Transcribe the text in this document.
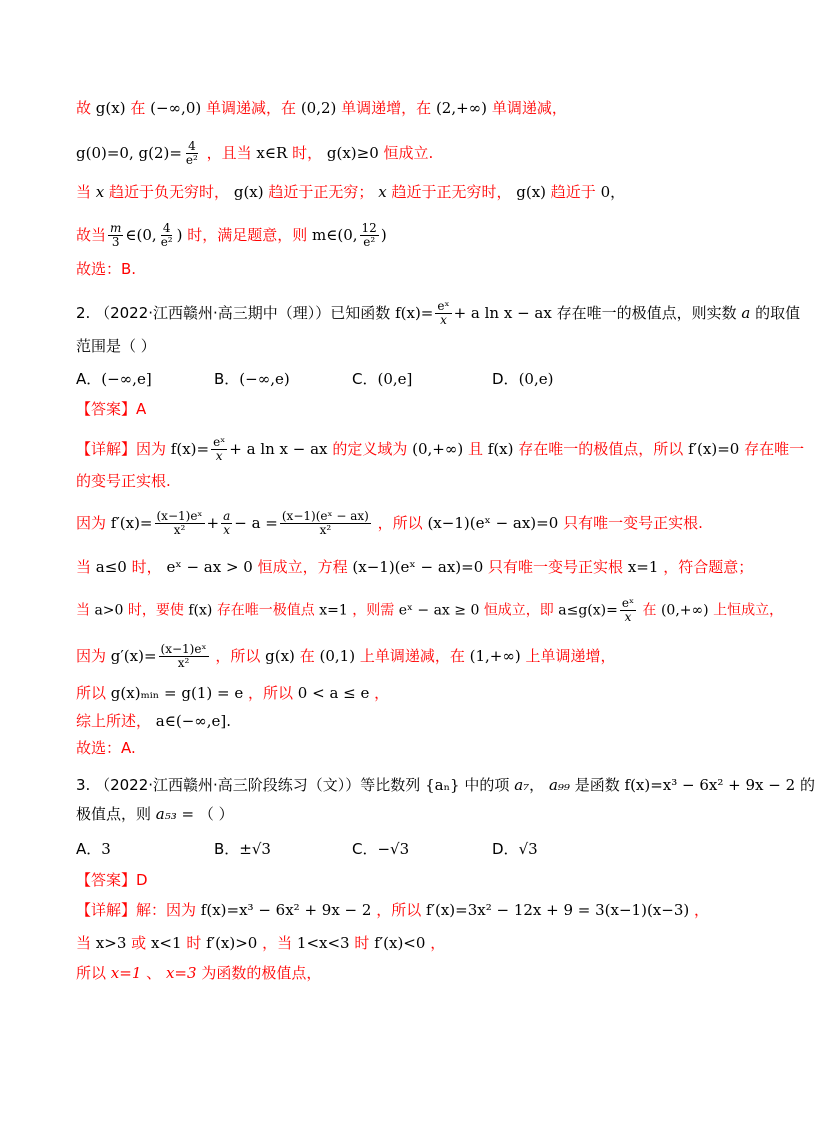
故 g(x) 在 (−∞,0) 单调递减，在 (0,2) 单调递增，在 (2,+∞) 单调递减，
g(0)=0, $g(2)= \frac{4}{\text{e²}}$ ，且当 x∈R 时， g(x)≥0 恒成立.
当 x 趋近于负无穷时， g(x) 趋近于正无穷； x 趋近于正无穷时， g(x) 趋近于 0，
故当 $\frac{m}{3}$ ∈(0, $\frac{4}{\text{e²}}$ ) 时，满足题意，则 m∈(0, $\frac{12}{\text{e²}}$ )
故选：B.
2. （2022·江西赣州·高三期中（理））已知函数 $f(x)= \frac{\text{eˣ}}{x} + a$ ln x − ax 存在唯一的极值点，则实数 a 的取值
范围是（ ）
A．(−∞,e]	B．(−∞,e)	C．(0,e]	D．(0,e)
【答案】A
【详解】因为 $f(x)= \frac{\text{eˣ}}{x} + a$ ln x − ax 的定义域为 (0,+∞) 且 f(x) 存在唯一的极值点，所以 f′(x)=0 存在唯一
的变号正实根.
因为 $f'(x)= \frac{\text{(x−1)eˣ}}{\text{x²}} + \frac{a}{x} - a = \frac{\text{(x−1)(eˣ − ax)}}{\text{x²}}$ ，所以 (x−1)(eˣ − ax)=0 只有唯一变号正实根.
当 a≤0 时， eˣ − ax > 0 恒成立，方程 (x−1)(eˣ − ax)=0 只有唯一变号正实根 x=1 ，符合题意；
当 a>0 时，要使 f(x) 存在唯一极值点 x=1 ，则需 eˣ − ax ≥ 0 恒成立，即 $a\le g(x)= \frac{\text{eˣ}}{x}$ 在 (0,+∞) 上恒成立，
因为 $g'(x)= \frac{\text{(x−1)eˣ}}{\text{x²}}$ ，所以 g(x) 在 (0,1) 上单调递减，在 (1,+∞) 上单调递增，
所以 g(x)ₘᵢₙ = g(1) = e ，所以 0 < a ≤ e ，
综上所述， a∈(−∞,e].
故选：A.
3. （2022·江西赣州·高三阶段练习（文））等比数列 {aₙ} 中的项 a₇， a₉₉ 是函数 f(x)=x³ − 6x² + 9x − 2 的
极值点，则 a₅₃ = （ ）
A．3	B．±√3	C．−√3	D．√3
【答案】D
【详解】解：因为 f(x)=x³ − 6x² + 9x − 2 ，所以 f′(x)=3x² − 12x + 9 = 3(x−1)(x−3) ，
当 x>3 或 x<1 时 f′(x)>0 ，当 1<x<3 时 f′(x)<0 ，
所以 x=1 、 x=3 为函数的极值点，
